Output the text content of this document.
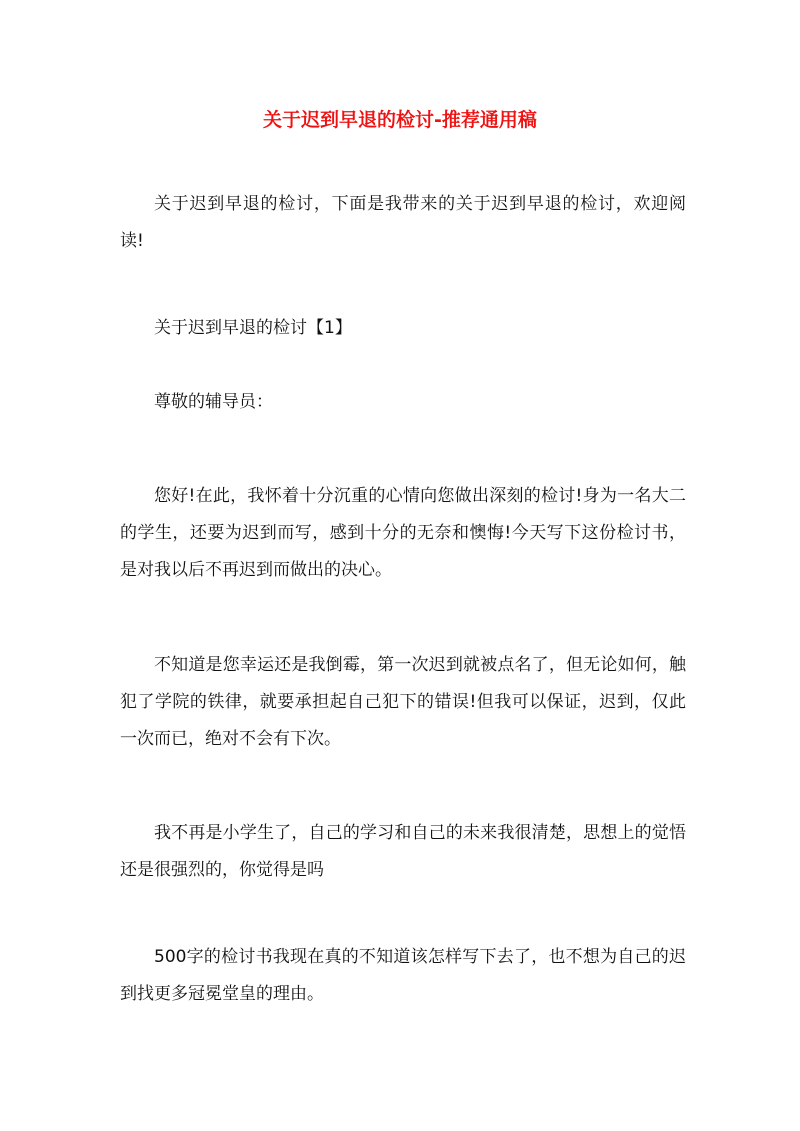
关于迟到早退的检讨-推荐通用稿

关于迟到早退的检讨，下面是我带来的关于迟到早退的检讨，欢迎阅读!

关于迟到早退的检讨【1】

尊敬的辅导员：

您好!在此，我怀着十分沉重的心情向您做出深刻的检讨!身为一名大二的学生，还要为迟到而写，感到十分的无奈和懊悔!今天写下这份检讨书，是对我以后不再迟到而做出的决心。

不知道是您幸运还是我倒霉，第一次迟到就被点名了，但无论如何，触犯了学院的铁律，就要承担起自己犯下的错误!但我可以保证，迟到，仅此一次而已，绝对不会有下次。

我不再是小学生了，自己的学习和自己的未来我很清楚，思想上的觉悟还是很强烈的，你觉得是吗

500字的检讨书我现在真的不知道该怎样写下去了，也不想为自己的迟到找更多冠冕堂皇的理由。
